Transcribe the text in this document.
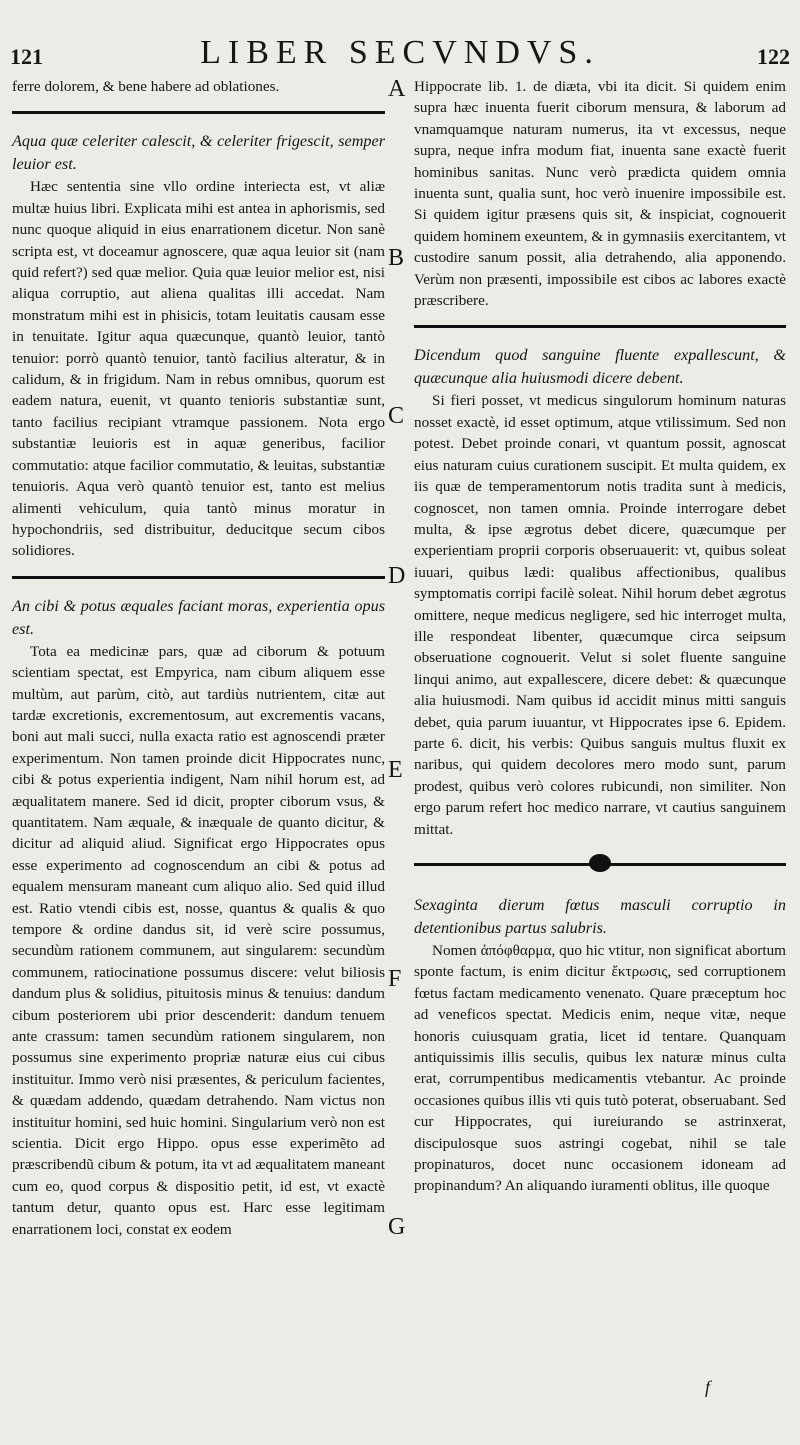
121	LIBER SECVNDVS.	122

ferre dolorem, & bene habere ad oblationes.

Aqua quæ celeriter calescit, & celeriter frigescit, semper leuior est.

Hæc sententia sine vllo ordine interiecta est, vt aliæ multæ huius libri. Explicata mihi est antea in aphorismis, sed nunc quoque aliquid in eius enarrationem dicetur. Non sanè scripta est, vt doceamur agnoscere, quæ aqua leuior sit (nam quid refert?) sed quæ melior. Quia quæ leuior melior est, nisi aliqua corruptio, aut aliena qualitas illi accedat. Nam monstratum mihi est in phisicis, totam leuitatis causam esse in tenuitate. Igitur aqua quæcunque, quantò leuior, tantò tenuior: porrò quantò tenuior, tantò facilius alteratur, & in calidum, & in frigidum. Nam in rebus omnibus, quorum est eadem natura, euenit, vt quanto tenioris substantiæ sunt, tanto facilius recipiant vtramque passionem. Nota ergo substantiæ leuioris est in aquæ generibus, facilior commutatio: atque facilior commutatio, & leuitas, substantiæ tenuioris. Aqua verò quantò tenuior est, tanto est melius alimenti vehiculum, quia tantò minus moratur in hypochondriis, sed distribuitur, deducitque secum cibos solidiores.

An cibi & potus æquales faciant moras, experientia opus est.

Tota ea medicinæ pars, quæ ad ciborum & potuum scientiam spectat, est Empyrica, nam cibum aliquem esse multùm, aut parùm, citò, aut tardiùs nutrientem, citæ aut tardæ excretionis, excrementosum, aut excrementis vacans, boni aut mali succi, nulla exacta ratio est agnoscendi præter experimentum. Non tamen proinde dicit Hippocrates nunc, cibi & potus experientia indigent, Nam nihil horum est, ad æqualitatem manere. Sed id dicit, propter ciborum vsus, & quantitatem. Nam æquale, & inæquale de quanto dicitur, & dicitur ad aliquid aliud. Significat ergo Hippocrates opus esse experimento ad cognoscendum an cibi & potus ad equalem mensuram maneant cum aliquo alio. Sed quid illud est. Ratio vtendi cibis est, nosse, quantus & qualis & quo tempore & ordine dandus sit, id verè scire possumus, secundùm rationem communem, aut singularem: secundùm communem, ratiocinatione possumus discere: velut biliosis dandum plus & solidius, pituitosis minus & tenuius: dandum cibum posteriorem ubi prior descenderit: dandum tenuem ante crassum: tamen secundùm rationem singularem, non possumus sine experimento propriæ naturæ eius cui cibus instituitur. Immo verò nisi præsentes, & periculum facientes, & quædam addendo, quædam detrahendo. Nam victus non instituitur homini, sed huic homini. Singularium verò non est scientia. Dicit ergo Hippo. opus esse experimẽto ad præscribendũ cibum & potum, ita vt ad æqualitatem maneant cum eo, quod corpus & dispositio petit, id est, vt exactè tantum detur, quanto opus est. Harc esse legitimam enarrationem loci, constat ex eodem

Hippocrate lib. 1. de diæta, vbi ita dicit. Si quidem enim supra hæc inuenta fuerit ciborum mensura, & laborum ad vnamquamque naturam numerus, ita vt excessus, neque supra, neque infra modum fiat, inuenta sane exactè fuerit hominibus sanitas. Nunc verò prædicta quidem omnia inuenta sunt, qualia sunt, hoc verò inuenire impossibile est. Si quidem igitur præsens quis sit, & inspiciat, cognouerit quidem hominem exeuntem, & in gymnasiis exercitantem, vt custodire sanum possit, alia detrahendo, alia apponendo. Verùm non præsenti, impossibile est cibos ac labores exactè præscribere.

Dicendum quod sanguine fluente expallescunt, & quæcunque alia huiusmodi dicere debent.

Si fieri posset, vt medicus singulorum hominum naturas nosset exactè, id esset optimum, atque vtilissimum. Sed non potest. Debet proinde conari, vt quantum possit, agnoscat eius naturam cuius curationem suscipit. Et multa quidem, ex iis quæ de temperamentorum notis tradita sunt à medicis, cognoscet, non tamen omnia. Proinde interrogare debet multa, & ipse ægrotus debet dicere, quæcumque per experientiam proprii corporis obseruauerit: vt, quibus soleat iuuari, quibus lædi: qualibus affectionibus, qualibus symptomatis corripi facilè soleat. Nihil horum debet ægrotus omittere, neque medicus negligere, sed hic interroget multa, ille respondeat libenter, quæcumque circa seipsum obseruatione cognouerit. Velut si solet fluente sanguine linqui animo, aut expallescere, dicere debet: & quæcunque alia huiusmodi. Nam quibus id accidit minus mitti sanguis debet, quia parum iuuantur, vt Hippocrates ipse 6. Epidem. parte 6. dicit, his verbis: Quibus sanguis multus fluxit ex naribus, qui quidem decolores mero modo sunt, parum prodest, quibus verò colores rubicundi, non similiter. Non ergo parum refert hoc medico narrare, vt cautius sanguinem mittat.

Sexaginta dierum fœtus masculi corruptio in detentionibus partus salubris.

Nomen ἀπόφθαρμα, quo hic vtitur, non significat abortum sponte factum, is enim dicitur ἔκτρωσις, sed corruptionem fœtus factam medicamento venenato. Quare præceptum hoc ad veneficos spectat. Medicis enim, neque vitæ, neque honoris cuiusquam gratia, licet id tentare. Quanquam antiquissimis illis seculis, quibus lex naturæ minus culta erat, corrumpentibus medicamentis vtebantur. Ac proinde occasiones quibus illis vti quis tutò poterat, obseruabant. Sed cur Hippocrates, qui iureiurando se astrinxerat, discipulosque suos astringi cogebat, nihil se tale propinaturos, docet nunc occasionem idoneam ad propinandum? An aliquando iuramenti oblitus, ille quoque

A
B
C
D
E
F
G
f
